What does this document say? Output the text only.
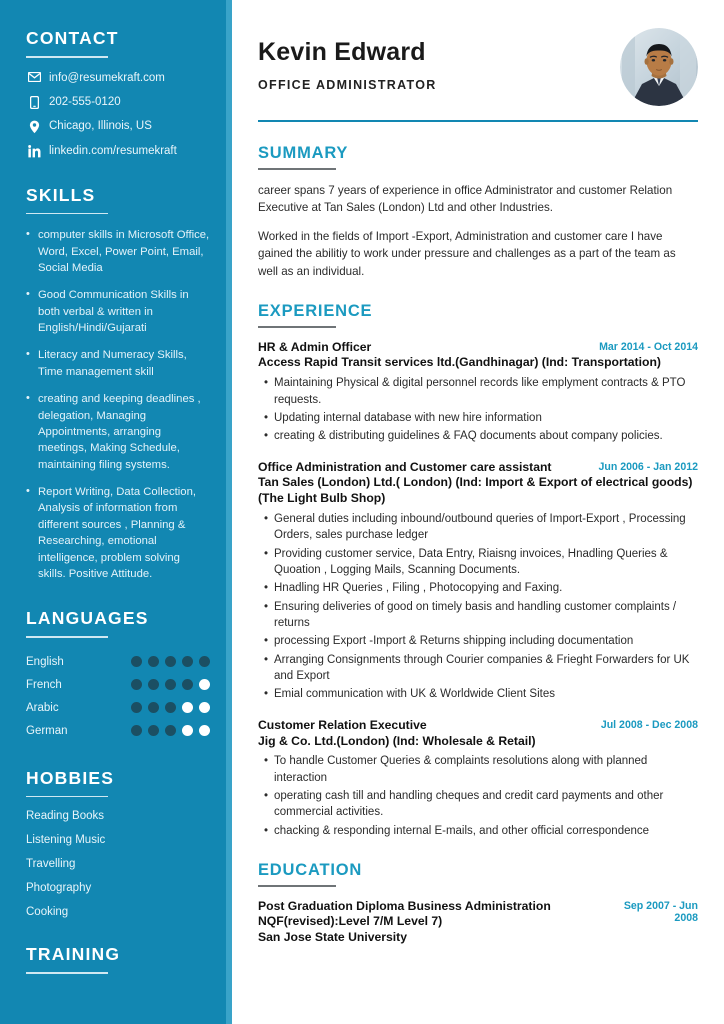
CONTACT
info@resumekraft.com
202-555-0120
Chicago, Illinois, US
linkedin.com/resumekraft
SKILLS
• computer skills in Microsoft Office, Word, Excel, Power Point, Email, Social Media
• Good Communication Skills in both verbal & written in English/Hindi/Gujarati
• Literacy and Numeracy Skills, Time management skill
• creating and keeping deadlines , delegation, Managing Appointments, arranging meetings, Making Schedule, maintaining filing systems.
• Report Writing, Data Collection, Analysis of information from different sources , Planning & Researching, emotional intelligence, problem solving skills. Positive Attitude.
LANGUAGES
English
French
Arabic
German
HOBBIES
Reading Books
Listening Music
Travelling
Photography
Cooking
TRAINING
Kevin Edward
OFFICE ADMINISTRATOR
SUMMARY

career spans 7 years of experience in office Administrator and customer Relation Executive at Tan Sales (London) Ltd and other Industries.

Worked in the fields of Import -Export, Administration and customer care I have gained the abilitiy to work under pressure and challenges as a part of the team as well as an individual.

EXPERIENCE
HR & Admin Officer	Mar 2014 - Oct 2014
Access Rapid Transit services ltd.(Gandhinagar) (Ind: Transportation)
• Maintaining Physical & digital personnel records like emplyment contracts & PTO requests.
• Updating internal database with new hire information
• creating & distributing guidelines & FAQ documents about company policies.
Office Administration and Customer care assistant	Jun 2006 - Jan 2012
Tan Sales (London) Ltd.( London) (Ind: Import & Export of electrical goods) (The Light Bulb Shop)
• General duties including inbound/outbound queries of Import-Export , Processing Orders, sales purchase ledger
• Providing customer service, Data Entry, Riaisng invoices, Hnadling Queries & Quoation , Logging Mails, Scanning Documents.
• Hnadling HR Queries , Filing , Photocopying and Faxing.
• Ensuring deliveries of good on timely basis and handling customer complaints / returns
• processing Export -Import & Returns shipping including documentation
• Arranging Consignments through Courier companies & Frieght Forwarders for UK and Export
• Emial communication with UK & Worldwide Client Sites
Customer Relation Executive	Jul 2008 - Dec 2008
Jig & Co. Ltd.(London) (Ind: Wholesale & Retail)
• To handle Customer Queries & complaints resolutions along with planned interaction
• operating cash till and handling cheques and credit card payments and other commercial activities.
• chacking & responding internal E-mails, and other official correspondence
EDUCATION
Post Graduation Diploma Business Administration NQF(revised):Level 7/M Level 7)
Sep 2007 - Jun 2008
San Jose State University
